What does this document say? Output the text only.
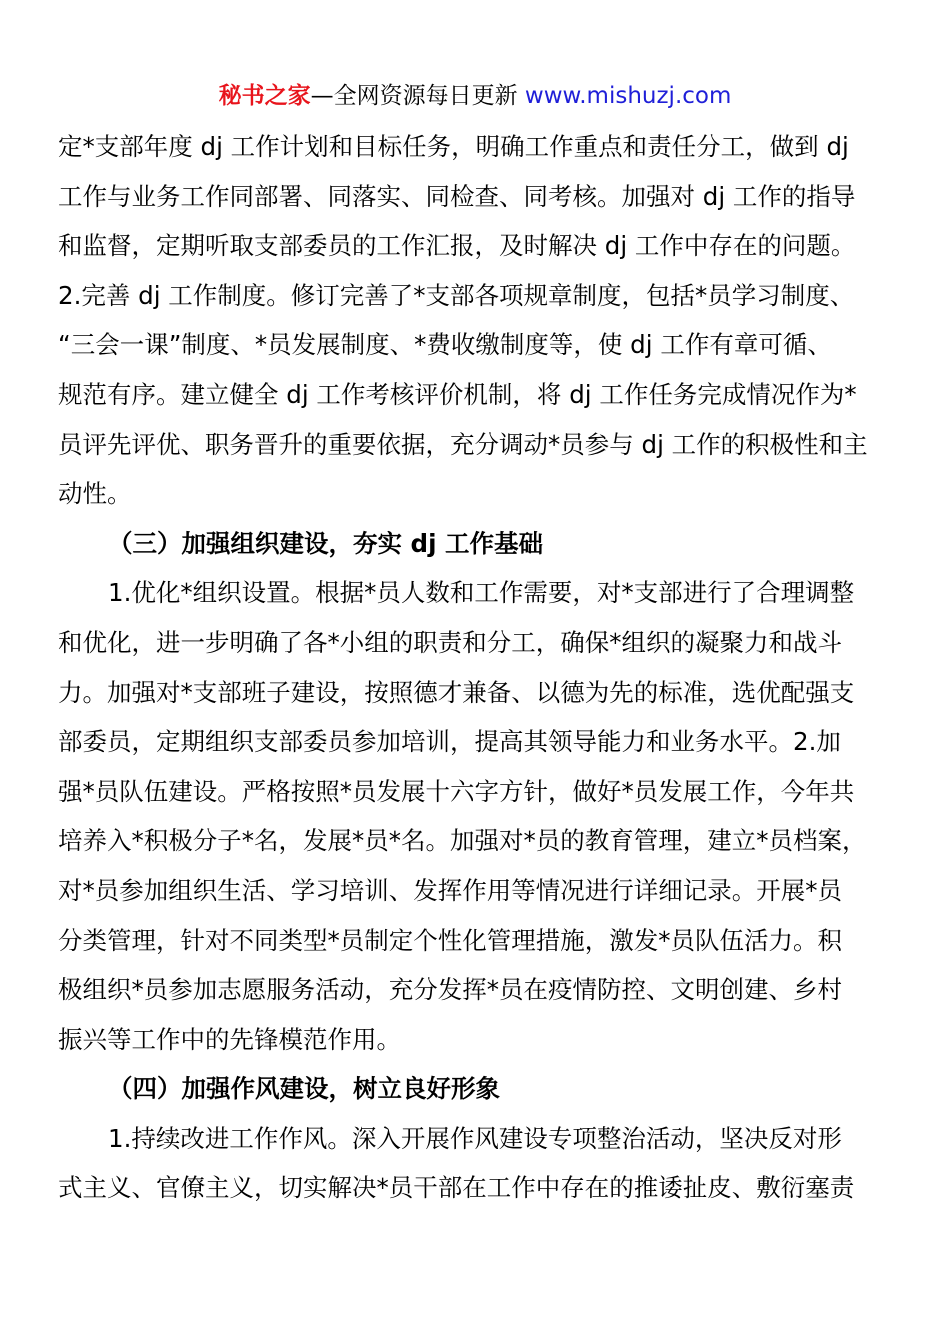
秘书之家—全网资源每日更新 www.mishuzj.com
定*支部年度 dj 工作计划和目标任务，明确工作重点和责任分工，做到 dj
工作与业务工作同部署、同落实、同检查、同考核。加强对 dj 工作的指导
和监督，定期听取支部委员的工作汇报，及时解决 dj 工作中存在的问题。
2.完善 dj 工作制度。修订完善了*支部各项规章制度，包括*员学习制度、
“三会一课”制度、*员发展制度、*费收缴制度等，使 dj 工作有章可循、
规范有序。建立健全 dj 工作考核评价机制，将 dj 工作任务完成情况作为*
员评先评优、职务晋升的重要依据，充分调动*员参与 dj 工作的积极性和主
动性。
（三）加强组织建设，夯实 dj 工作基础
1.优化*组织设置。根据*员人数和工作需要，对*支部进行了合理调整
和优化，进一步明确了各*小组的职责和分工，确保*组织的凝聚力和战斗
力。加强对*支部班子建设，按照德才兼备、以德为先的标准，选优配强支
部委员，定期组织支部委员参加培训，提高其领导能力和业务水平。2.加
强*员队伍建设。严格按照*员发展十六字方针，做好*员发展工作，今年共
培养入*积极分子*名，发展*员*名。加强对*员的教育管理，建立*员档案，
对*员参加组织生活、学习培训、发挥作用等情况进行详细记录。开展*员
分类管理，针对不同类型*员制定个性化管理措施，激发*员队伍活力。积
极组织*员参加志愿服务活动，充分发挥*员在疫情防控、文明创建、乡村
振兴等工作中的先锋模范作用。
（四）加强作风建设，树立良好形象
1.持续改进工作作风。深入开展作风建设专项整治活动，坚决反对形
式主义、官僚主义，切实解决*员干部在工作中存在的推诿扯皮、敷衍塞责
